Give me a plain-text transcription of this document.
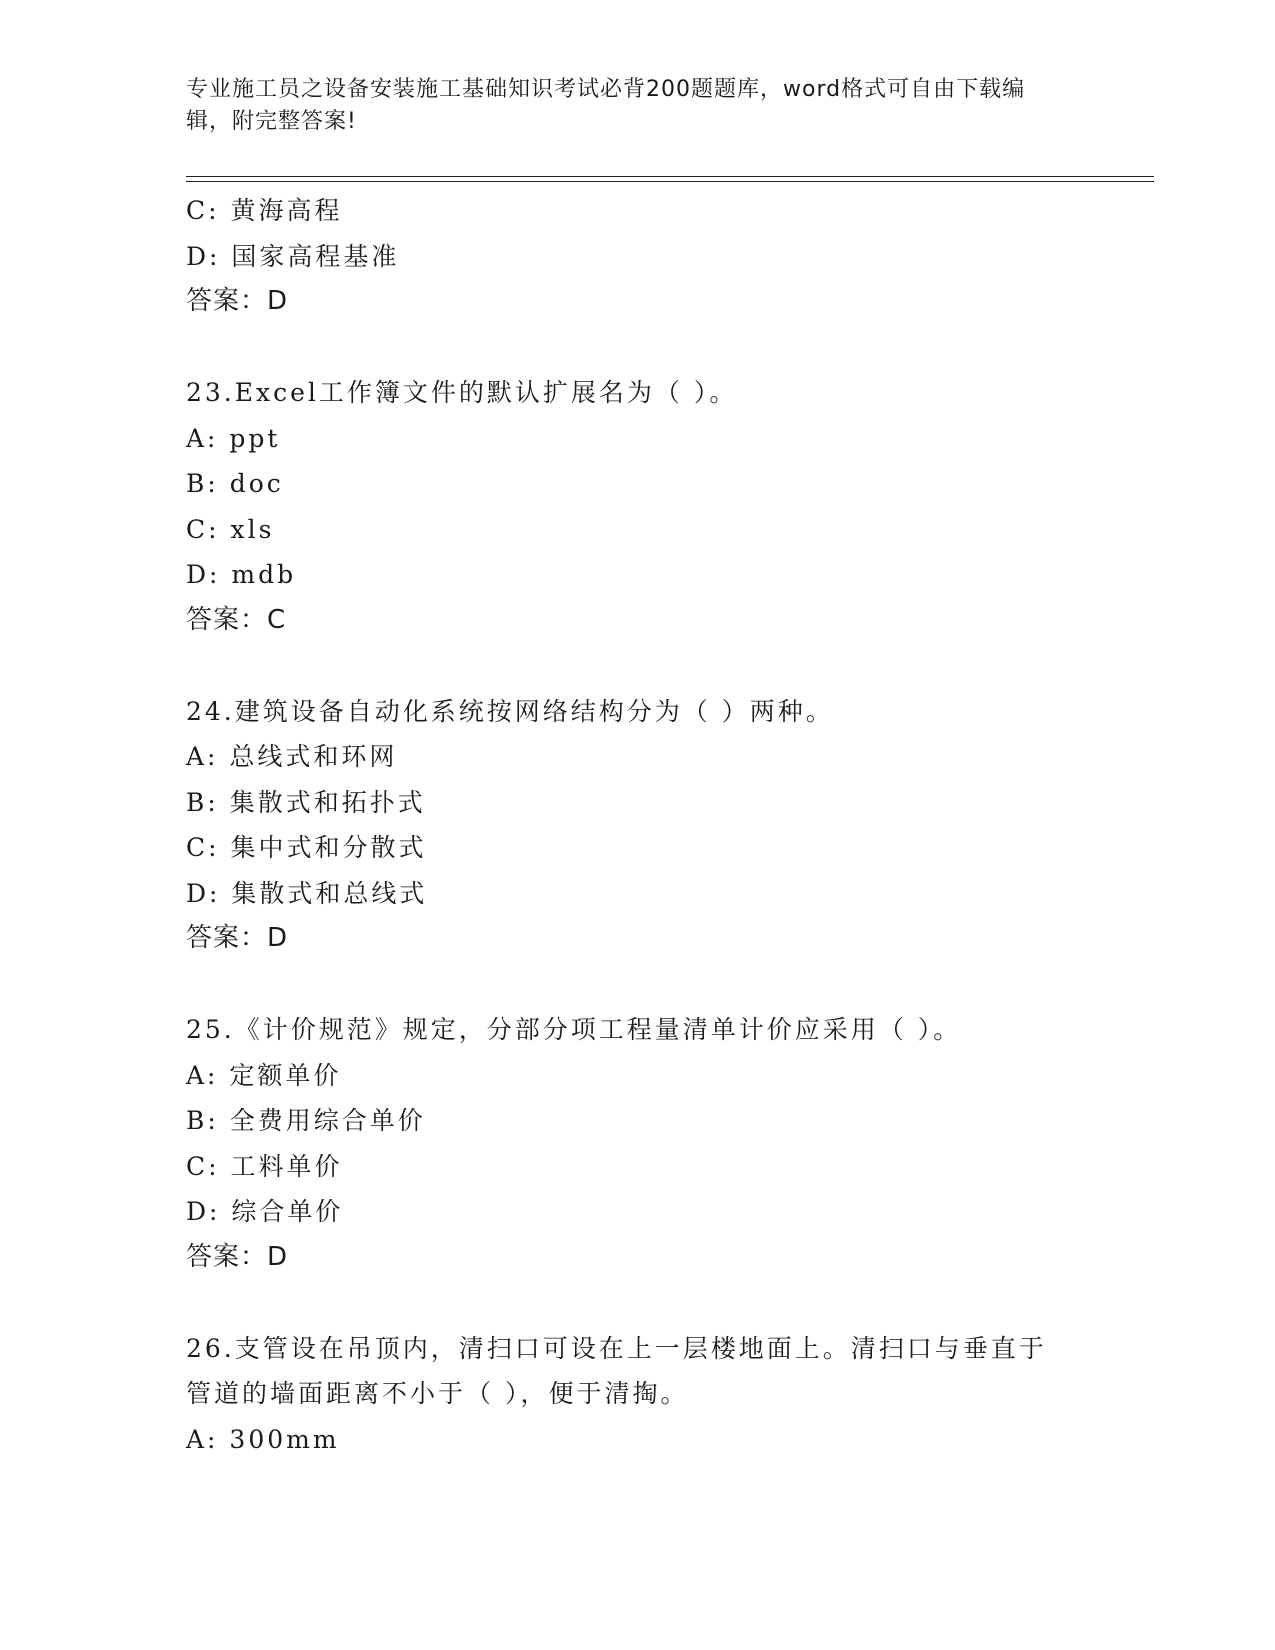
专业施工员之设备安装施工基础知识考试必背200题题库，word格式可自由下载编辑，附完整答案!
C: 黄海高程
D: 国家高程基准
答案：D
23.Excel工作簿文件的默认扩展名为（ ）。
A: ppt
B: doc
C: xls
D: mdb
答案：C
24.建筑设备自动化系统按网络结构分为（ ）两种。
A: 总线式和环网
B: 集散式和拓扑式
C: 集中式和分散式
D: 集散式和总线式
答案：D
25.《计价规范》规定，分部分项工程量清单计价应采用（ ）。
A: 定额单价
B: 全费用综合单价
C: 工料单价
D: 综合单价
答案：D
26.支管设在吊顶内，清扫口可设在上一层楼地面上。清扫口与垂直于
管道的墙面距离不小于（ ），便于清掏。
A: 300mm
